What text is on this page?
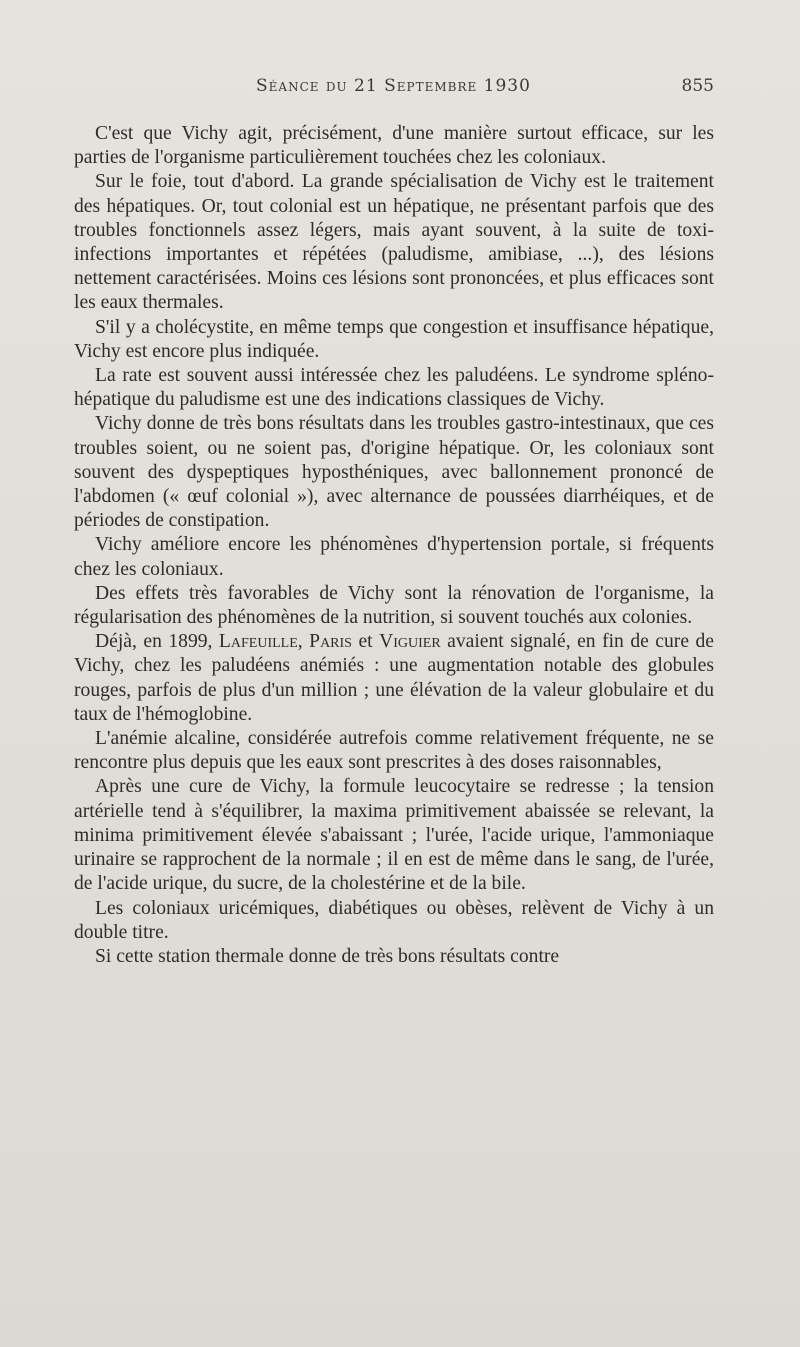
Séance du 21 Septembre 1930	855

C'est que Vichy agit, précisément, d'une manière surtout efficace, sur les parties de l'organisme particulièrement touchées chez les coloniaux.

Sur le foie, tout d'abord. La grande spécialisation de Vichy est le traitement des hépatiques. Or, tout colonial est un hépatique, ne présentant parfois que des troubles fonctionnels assez légers, mais ayant souvent, à la suite de toxi-infections importantes et répétées (paludisme, amibiase, ...), des lésions nettement caractérisées. Moins ces lésions sont prononcées, et plus efficaces sont les eaux thermales.

S'il y a cholécystite, en même temps que congestion et insuffisance hépatique, Vichy est encore plus indiquée.

La rate est souvent aussi intéressée chez les paludéens. Le syndrome spléno-hépatique du paludisme est une des indications classiques de Vichy.

Vichy donne de très bons résultats dans les troubles gastro-intestinaux, que ces troubles soient, ou ne soient pas, d'origine hépatique. Or, les coloniaux sont souvent des dyspeptiques hyposthéniques, avec ballonnement prononcé de l'abdomen (« œuf colonial »), avec alternance de poussées diarrhéiques, et de périodes de constipation.

Vichy améliore encore les phénomènes d'hypertension portale, si fréquents chez les coloniaux.

Des effets très favorables de Vichy sont la rénovation de l'organisme, la régularisation des phénomènes de la nutrition, si souvent touchés aux colonies.

Déjà, en 1899, Lafeuille, Paris et Viguier avaient signalé, en fin de cure de Vichy, chez les paludéens anémiés : une augmentation notable des globules rouges, parfois de plus d'un million ; une élévation de la valeur globulaire et du taux de l'hémoglobine.

L'anémie alcaline, considérée autrefois comme relativement fréquente, ne se rencontre plus depuis que les eaux sont prescrites à des doses raisonnables,

Après une cure de Vichy, la formule leucocytaire se redresse ; la tension artérielle tend à s'équilibrer, la maxima primitivement abaissée se relevant, la minima primitivement élevée s'abaissant ; l'urée, l'acide urique, l'ammoniaque urinaire se rapprochent de la normale ; il en est de même dans le sang, de l'urée, de l'acide urique, du sucre, de la cholestérine et de la bile.

Les coloniaux uricémiques, diabétiques ou obèses, relèvent de Vichy à un double titre.

Si cette station thermale donne de très bons résultats contre
